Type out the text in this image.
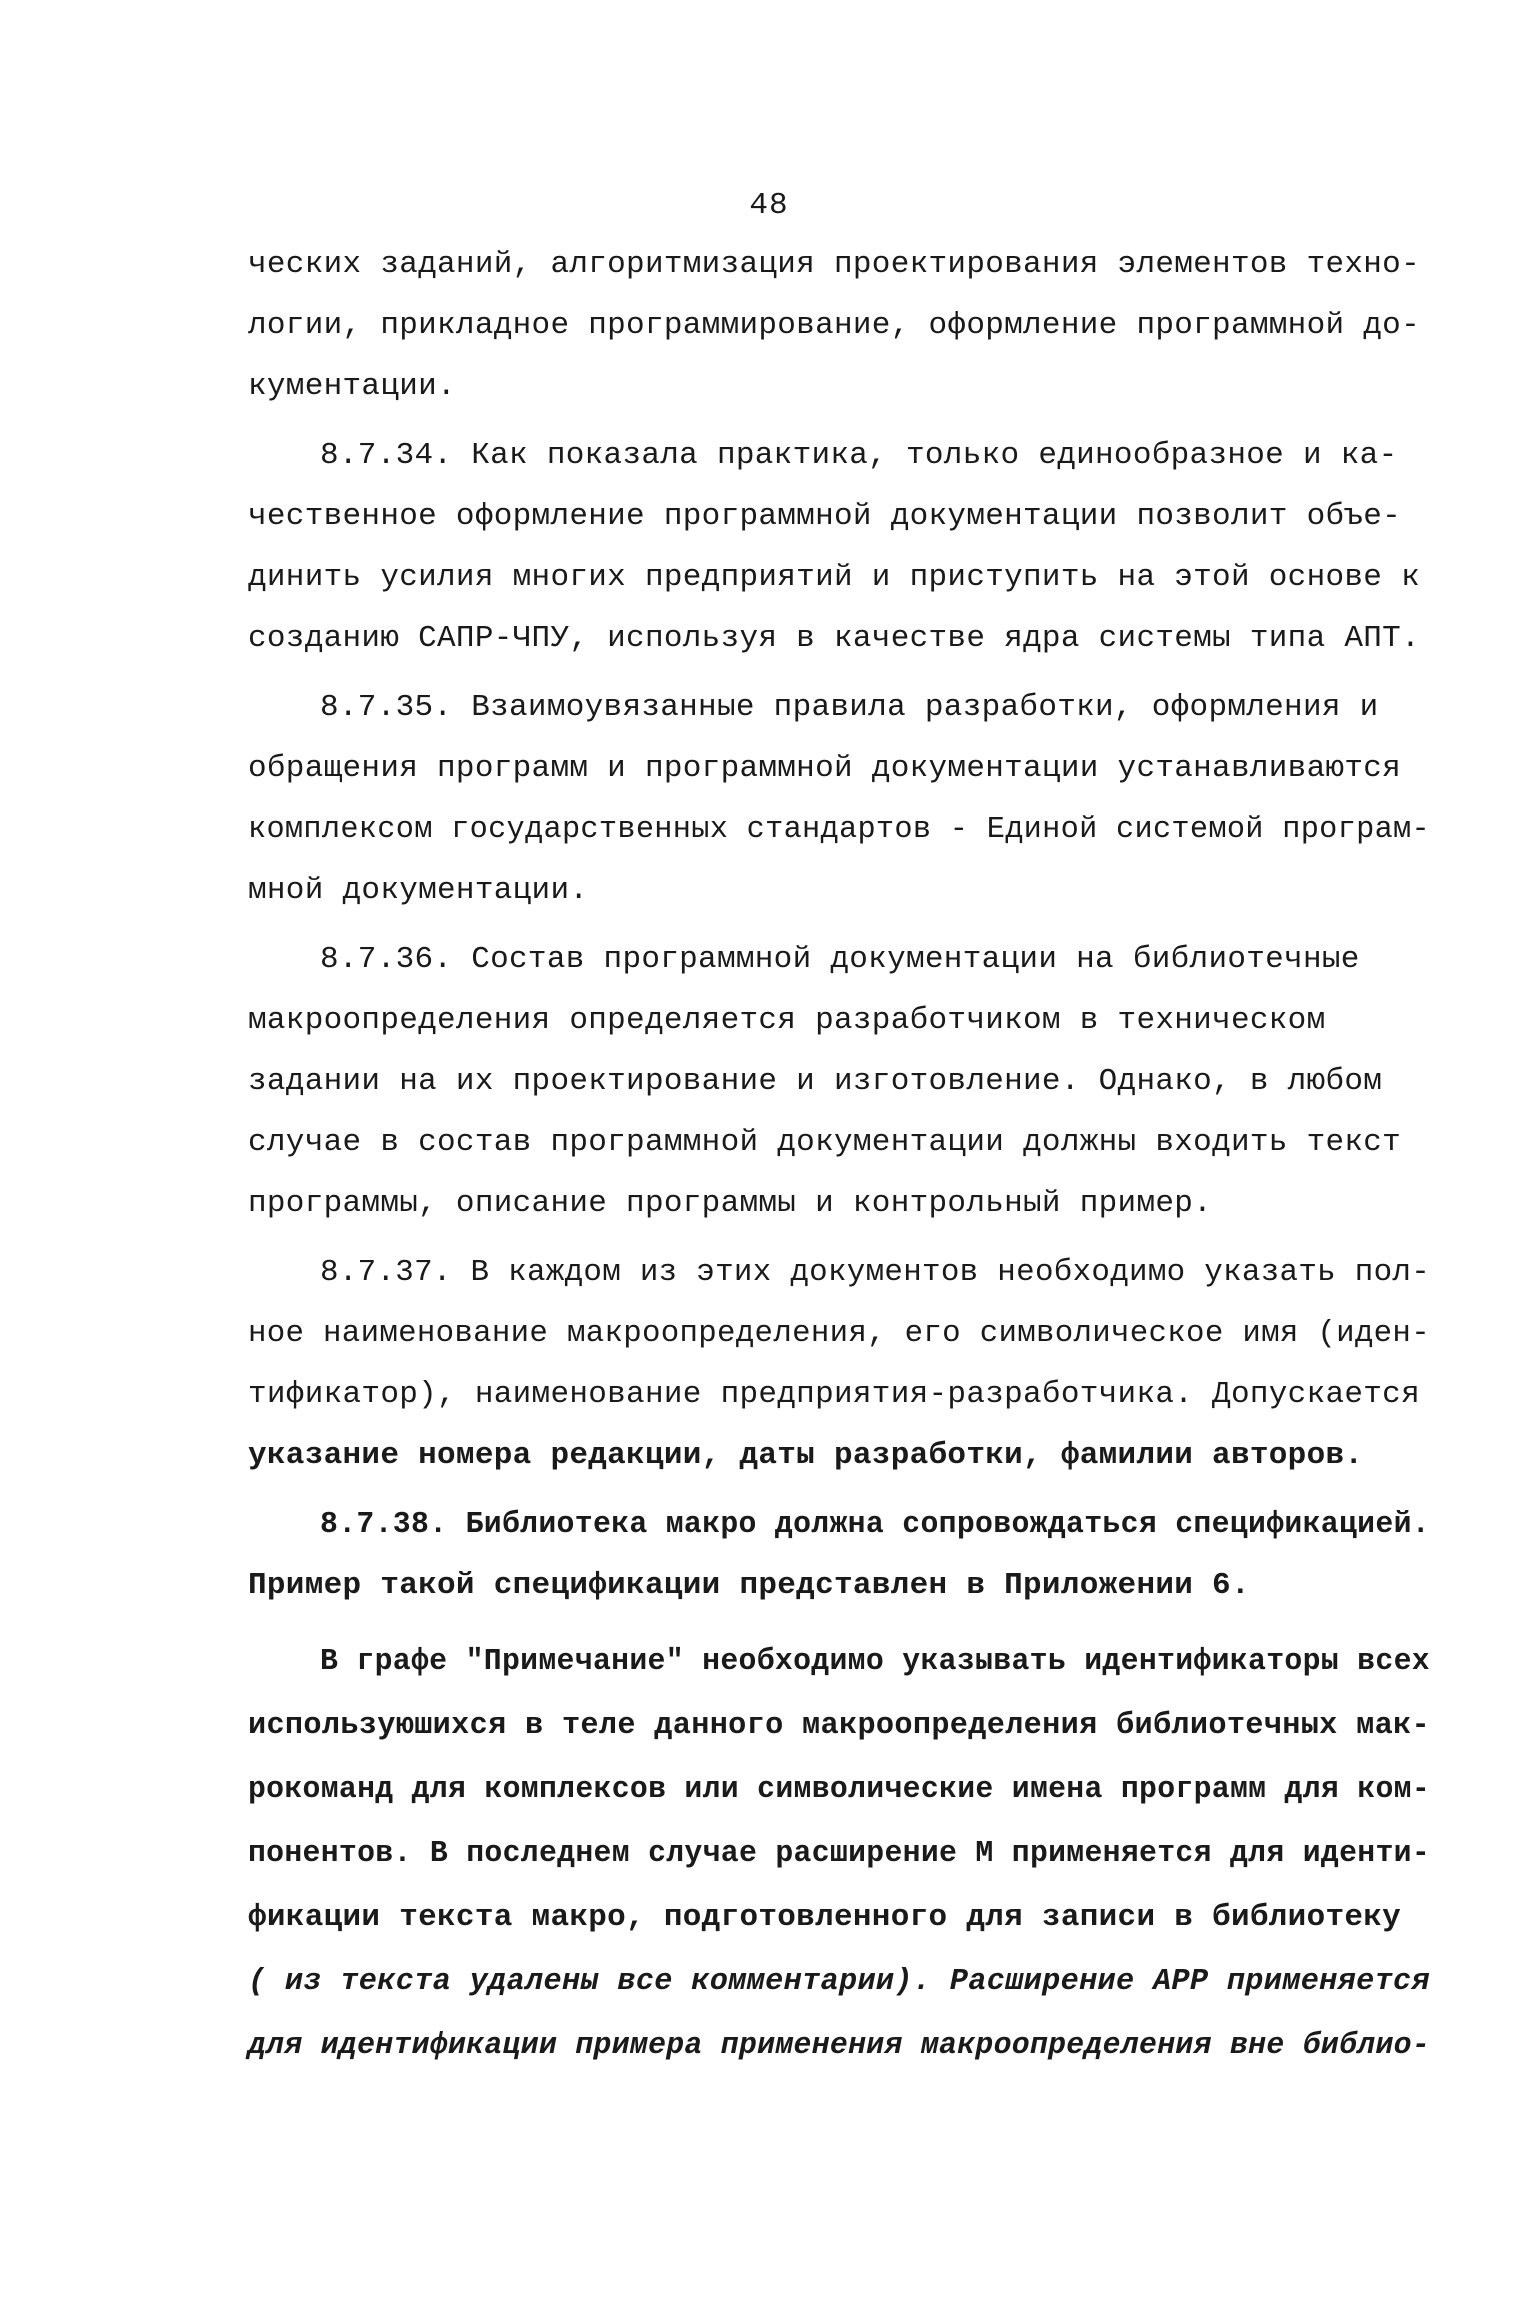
48
ческих заданий, алгоритмизация проектирования элементов техно-
логии, прикладное программирование, оформление программной до-
кументации.
8.7.34. Как показала практика, только единообразное и ка-
чественное оформление программной документации позволит объе-
динить усилия многих предприятий и приступить на этой основе к
созданию САПР-ЧПУ, используя в качестве ядра системы типа АПТ.
8.7.35. Взаимоувязанные правила разработки, оформления и
обращения программ и программной документации устанавливаются
комплексом государственных стандартов - Единой системой програм-
мной документации.
8.7.36. Состав программной документации на библиотечные
макроопределения определяется разработчиком в техническом
задании на их проектирование и изготовление. Однако, в любом
случае в состав программной документации должны входить текст
программы, описание программы и контрольный пример.
8.7.37. В каждом из этих документов необходимо указать пол-
ное наименование макроопределения, его символическое имя (иден-
тификатор), наименование предприятия-разработчика. Допускается
указание номера редакции, даты разработки, фамилии авторов.
8.7.38. Библиотека макро должна сопровождаться спецификацией.
Пример такой спецификации представлен в Приложении 6.
В графе "Примечание" необходимо указывать идентификаторы всех
используюшихся в теле данного макроопределения библиотечных мак-
рокоманд для комплексов или символические имена программ для ком-
понентов. В последнем случае расширение М применяется для иденти-
фикации текста макро, подготовленного для записи в библиотеку
( из текста удалены все комментарии). Расширение АРР применяется
для идентификации примера применения макроопределения вне библио-
